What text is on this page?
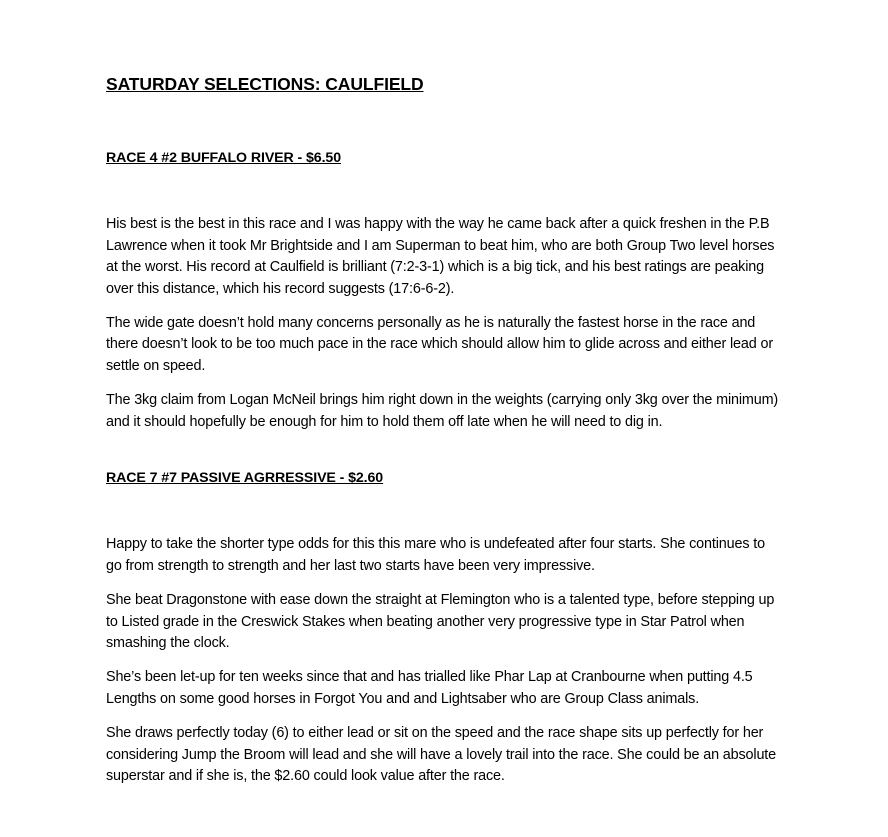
SATURDAY SELECTIONS: CAULFIELD
RACE 4 #2 BUFFALO RIVER - $6.50

His best is the best in this race and I was happy with the way he came back after a quick freshen in the P.B Lawrence when it took Mr Brightside and I am Superman to beat him, who are both Group Two level horses at the worst. His record at Caulfield is brilliant (7:2-3-1) which is a big tick, and his best ratings are peaking over this distance, which his record suggests (17:6-6-2).

The wide gate doesn’t hold many concerns personally as he is naturally the fastest horse in the race and there doesn’t look to be too much pace in the race which should allow him to glide across and either lead or settle on speed.

The 3kg claim from Logan McNeil brings him right down in the weights (carrying only 3kg over the minimum) and it should hopefully be enough for him to hold them off late when he will need to dig in.

RACE 7 #7 PASSIVE AGRRESSIVE - $2.60

Happy to take the shorter type odds for this this mare who is undefeated after four starts. She continues to go from strength to strength and her last two starts have been very impressive.

She beat Dragonstone with ease down the straight at Flemington who is a talented type, before stepping up to Listed grade in the Creswick Stakes when beating another very progressive type in Star Patrol when smashing the clock.

She’s been let-up for ten weeks since that and has trialled like Phar Lap at Cranbourne when putting 4.5 Lengths on some good horses in Forgot You and and Lightsaber who are Group Class animals.

She draws perfectly today (6) to either lead or sit on the speed and the race shape sits up perfectly for her considering Jump the Broom will lead and she will have a lovely trail into the race. She could be an absolute superstar and if she is, the $2.60 could look value after the race.
